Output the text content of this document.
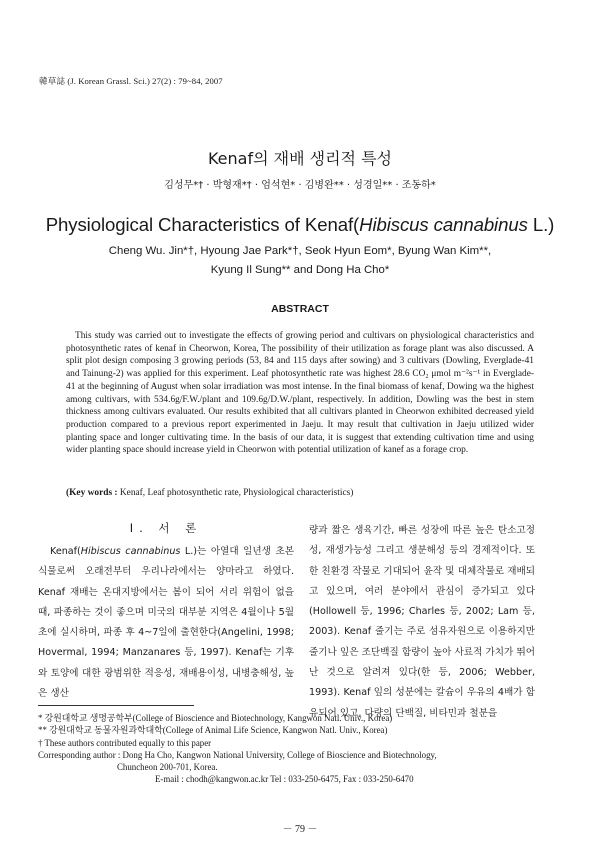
韓草誌 (J. Korean Grassl. Sci.) 27(2) : 79~84, 2007
Kenaf의 재배 생리적 특성
김성무*† · 박형재*† · 엄석현* · 김병완** · 성경일** · 조동하*
Physiological Characteristics of Kenaf(Hibiscus cannabinus L.)
Cheng Wu. Jin*†, Hyoung Jae Park*†, Seok Hyun Eom*, Byung Wan Kim**,
Kyung Il Sung** and Dong Ha Cho*
ABSTRACT

This study was carried out to investigate the effects of growing period and cultivars on physiological characteristics and photosynthetic rates of kenaf in Cheorwon, Korea, The possibility of their utilization as forage plant was also discussed. A split plot design composing 3 growing periods (53, 84 and 115 days after sowing) and 3 cultivars (Dowling, Everglade-41 and Tainung-2) was applied for this experiment. Leaf photosynthetic rate was highest 28.6 CO₂ μmol m⁻²s⁻¹ in Everglade-41 at the beginning of August when solar irradiation was most intense. In the final biomass of kenaf, Dowing wa the highest among cultivars, with 534.6g/F.W./plant and 109.6g/D.W./plant, respectively. In addition, Dowling was the best in stem thickness among cultivars evaluated. Our results exhibited that all cultivars planted in Cheorwon exhibited decreased yield production compared to a previous report experimented in Jaeju. It may result that cultivation in Jaeju utilized wider planting space and longer cultivating time. In the basis of our data, it is suggest that extending cultivation time and using wider planting space should increase yield in Cheorwon with potential utilization of kanef as a forage crop.

(Key words : Kenaf, Leaf photosynthetic rate, Physiological characteristics)
Ⅰ. 서 론
Kenaf(Hibiscus cannabinus L.)는 아열대 일년생 초본식물로써 오래전부터 우리나라에서는 양마라고 하였다. Kenaf 재배는 온대지방에서는 봄이 되어 서리 위험이 없을 때, 파종하는 것이 좋으며 미국의 대부분 지역은 4월이나 5월 초에 실시하며, 파종 후 4~7일에 출현한다(Angelini, 1998; Hovermal, 1994; Manzanares 등, 1997). Kenaf는 기후와 토양에 대한 광범위한 적응성, 재배용이성, 내병충해성, 높은 생산
량과 짧은 생육기간, 빠른 성장에 따른 높은 탄소고정성, 재생가능성 그리고 생분해성 등의 경제적이다. 또한 친환경 작물로 기대되어 윤작 및 대체작물로 재배되고 있으며, 여러 분야에서 관심이 증가되고 있다(Hollowell 등, 1996; Charles 등, 2002; Lam 등, 2003). Kenaf 줄기는 주로 섬유자원으로 이용하지만 줄기나 잎은 조단백질 함량이 높아 사료적 가치가 뛰어난 것으로 알려져 있다(한 등, 2006; Webber, 1993). Kenaf 잎의 성분에는 칼슘이 우유의 4배가 함유되어 있고, 다량의 단백질, 비타민과 철분을
* 강원대학교 생명공학부(College of Bioscience and Biotechnology, Kangwon Natl. Univ., Korea)
** 강원대학교 동물자원과학대학(College of Animal Life Science, Kangwon Natl. Univ., Korea)
† These authors contributed equally to this paper
Corresponding author : Dong Ha Cho, Kangwon National University, College of Bioscience and Biotechnology,
Chuncheon 200-701, Korea.
E-mail : chodh@kangwon.ac.kr Tel : 033-250-6475, Fax : 033-250-6470
－ 79 －
